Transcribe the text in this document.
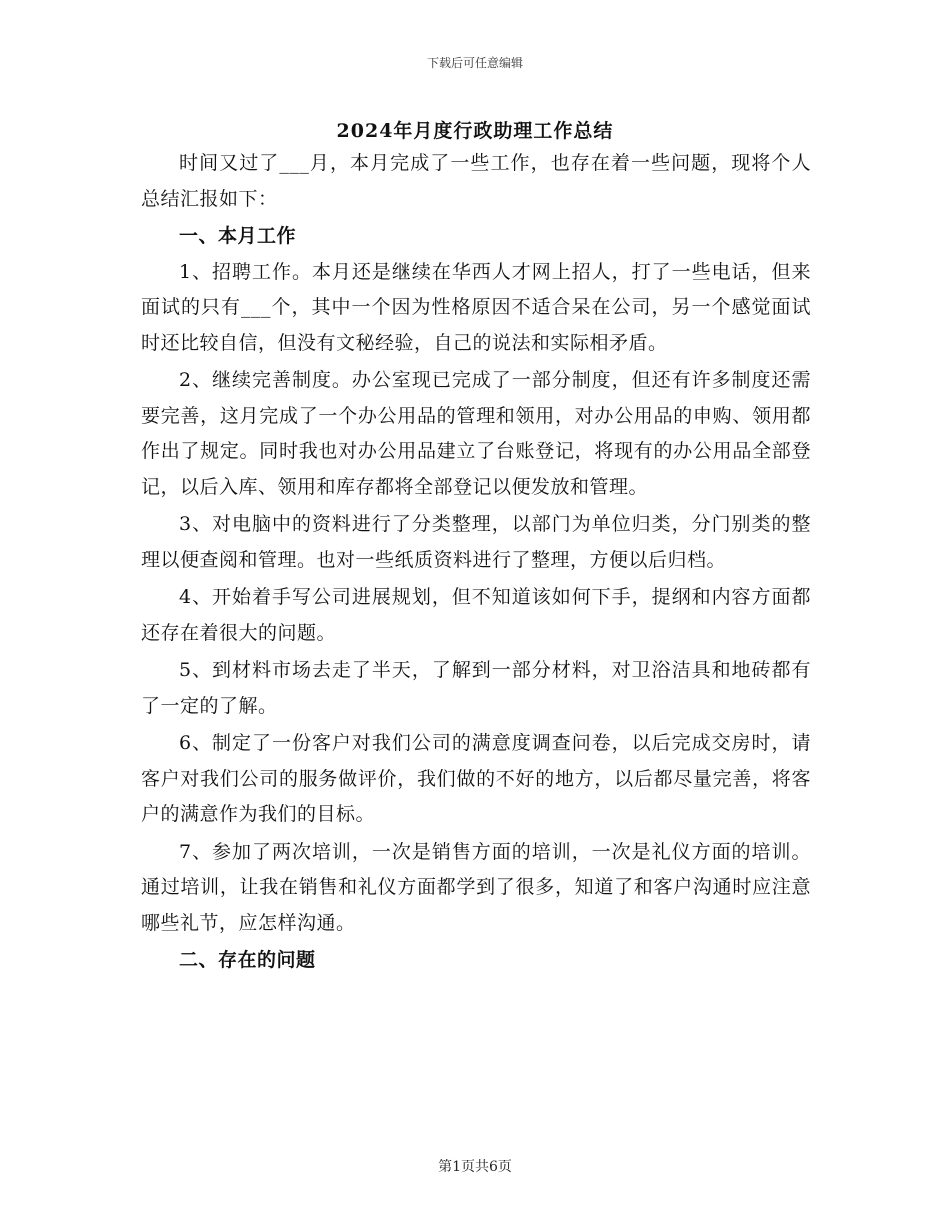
下载后可任意编辑
2024年月度行政助理工作总结

时间又过了___月，本月完成了一些工作，也存在着一些问题，现将个人总结汇报如下：

一、本月工作

1、招聘工作。本月还是继续在华西人才网上招人，打了一些电话，但来面试的只有___个，其中一个因为性格原因不适合呆在公司，另一个感觉面试时还比较自信，但没有文秘经验，自己的说法和实际相矛盾。

2、继续完善制度。办公室现已完成了一部分制度，但还有许多制度还需要完善，这月完成了一个办公用品的管理和领用，对办公用品的申购、领用都作出了规定。同时我也对办公用品建立了台账登记，将现有的办公用品全部登记，以后入库、领用和库存都将全部登记以便发放和管理。

3、对电脑中的资料进行了分类整理，以部门为单位归类，分门别类的整理以便查阅和管理。也对一些纸质资料进行了整理，方便以后归档。

4、开始着手写公司进展规划，但不知道该如何下手，提纲和内容方面都还存在着很大的问题。

5、到材料市场去走了半天，了解到一部分材料，对卫浴洁具和地砖都有了一定的了解。

6、制定了一份客户对我们公司的满意度调查问卷，以后完成交房时，请客户对我们公司的服务做评价，我们做的不好的地方，以后都尽量完善，将客户的满意作为我们的目标。

7、参加了两次培训，一次是销售方面的培训，一次是礼仪方面的培训。通过培训，让我在销售和礼仪方面都学到了很多，知道了和客户沟通时应注意哪些礼节，应怎样沟通。

二、存在的问题
第1页共6页
